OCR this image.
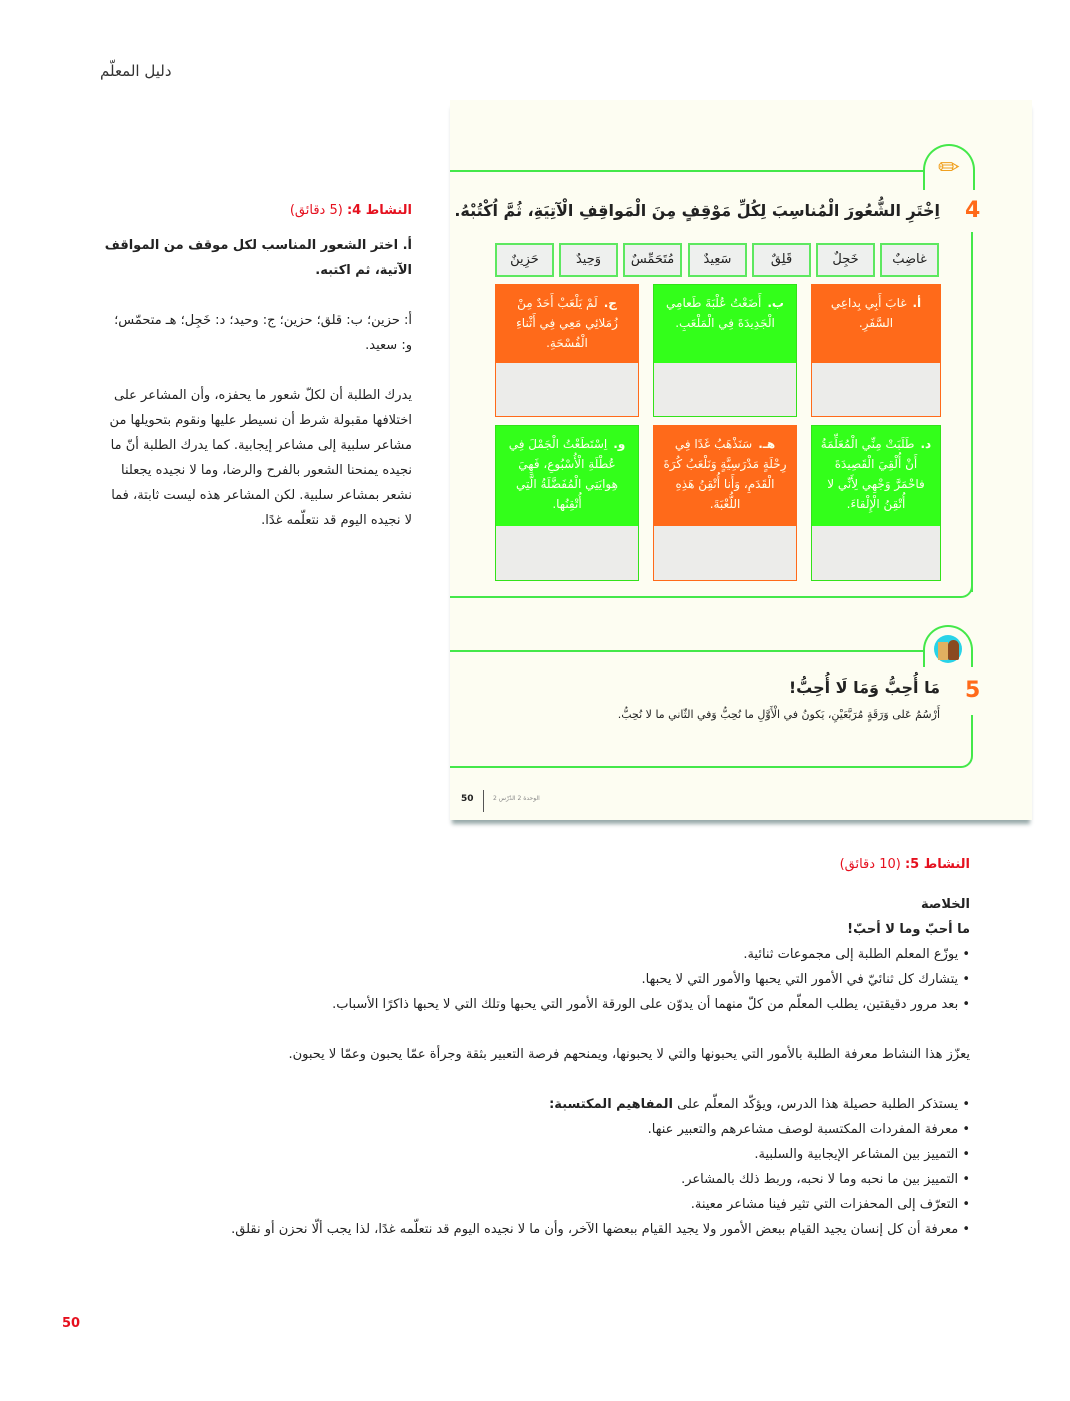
دليل المعلّم
النشاط 4: (5 دقائق)
أ. اختر الشعور المناسب لكل موقف من المواقف الآتية، ثم اكتبه.
أ: حزين؛ ب: قلق؛ حزين؛ ج: وحيد؛ د: خَجِل؛ هـ متحمّس؛ و: سعيد.
يدرك الطلبة أن لكلّ شعور ما يحفزه، وأن المشاعر على اختلافها مقبولة شرط أن نسيطر عليها ونقوم بتحويلها من مشاعر سلبية إلى مشاعر إيجابية. كما يدرك الطلبة أنّ ما نجيده يمنحنا الشعور بالفرح والرضا، وما لا نجيده يجعلنا نشعر بمشاعر سلبية. لكن المشاعر هذه ليست ثابتة، فما لا نجيده اليوم قد نتعلّمه غدًا.
✏
4
اِخْتَرِ الشُّعُورَ الْمُناسِبَ لِكُلِّ مَوْقِفٍ مِنَ الْمَواقِفِ الْآتِيَةِ، ثُمَّ اُكْتُبْهُ.
غاضِبٌ
خَجِلٌ
قَلِقٌ
سَعِيدٌ
مُتَحَمِّسٌ
وَحِيدٌ
حَزِينٌ
أ.غابَ أَبِي بِداعِي السَّفَرِ.
ب.أَضَعْتُ عُلْبَةَ طَعامِي الْجَدِيدَةَ فِي الْمَلْعَبِ.
ج.لَمْ يَلْعَبْ أَحَدٌ مِنْ زُمَلائِي مَعِي فِي أَثْناءِ الْفُسْحَةِ.
د.طَلَبَتْ مِنِّي الْمُعَلِّمَةُ أَنْ أُلْقِيَ الْقَصِيدَةَ فاحْمَرَّ وَجْهِي لِأَنِّي لا أُتْقِنُ الْإِلْقاءَ.
هـ.سَنَذْهَبُ غَدًا فِي رِحْلَةٍ مَدْرَسِيَّةٍ وَنَلْعَبُ كُرَةَ الْقَدَمِ، وَأَنا أُتْقِنُ هَذِهِ اللُّعْبَةَ.
و.اِسْتَطَعْتُ الْجَمْلَ فِي عُطْلَةِ الْأُسْبُوعِ، فَهِيَ هِوايَتِي الْمُفَضَّلَةُ الَّتِي أُتْقِنُها.
5
مَا أُحِبُّ وَمَا لَا أُحِبُّ!
أَرْسُمُ عَلى وَرَقَةٍ مُرَبَّعَيْنِ، يَكونُ في الْأَوَّلِ ما نُحِبُّ وَفي الثّاني ما لا نُحِبُّ.
50	الوحدة 2 الدّرْس 2
النشاط 5: (10 دقائق)
الخلاصة
ما أحبّ وما لا أحبّ!
• يوزّع المعلم الطلبة إلى مجموعات ثنائية.
• يتشارك كل ثنائيّ في الأمور التي يحبها والأمور التي لا يحبها.
• بعد مرور دقيقتين، يطلب المعلّم من كلّ منهما أن يدوّن على الورقة الأمور التي يحبها وتلك التي لا يحبها ذاكرًا الأسباب.
يعزّز هذا النشاط معرفة الطلبة بالأمور التي يحبونها والتي لا يحبونها، ويمنحهم فرصة التعبير بثقة وجرأة عمّا يحبون وعمّا لا يحبون.
• يستذكر الطلبة حصيلة هذا الدرس، ويؤكّد المعلّم على المفاهيم المكتسبة:
• معرفة المفردات المكتسبة لوصف مشاعرهم والتعبير عنها.
• التمييز بين المشاعر الإيجابية والسلبية.
• التمييز بين ما نحبه وما لا نحبه، وربط ذلك بالمشاعر.
• التعرّف إلى المحفزات التي تثير فينا مشاعر معينة.
• معرفة أن كل إنسان يجيد القيام ببعض الأمور ولا يجيد القيام ببعضها الآخر، وأن ما لا نجيده اليوم قد نتعلّمه غدًا، لذا يجب ألّا نحزن أو نقلق.
50
